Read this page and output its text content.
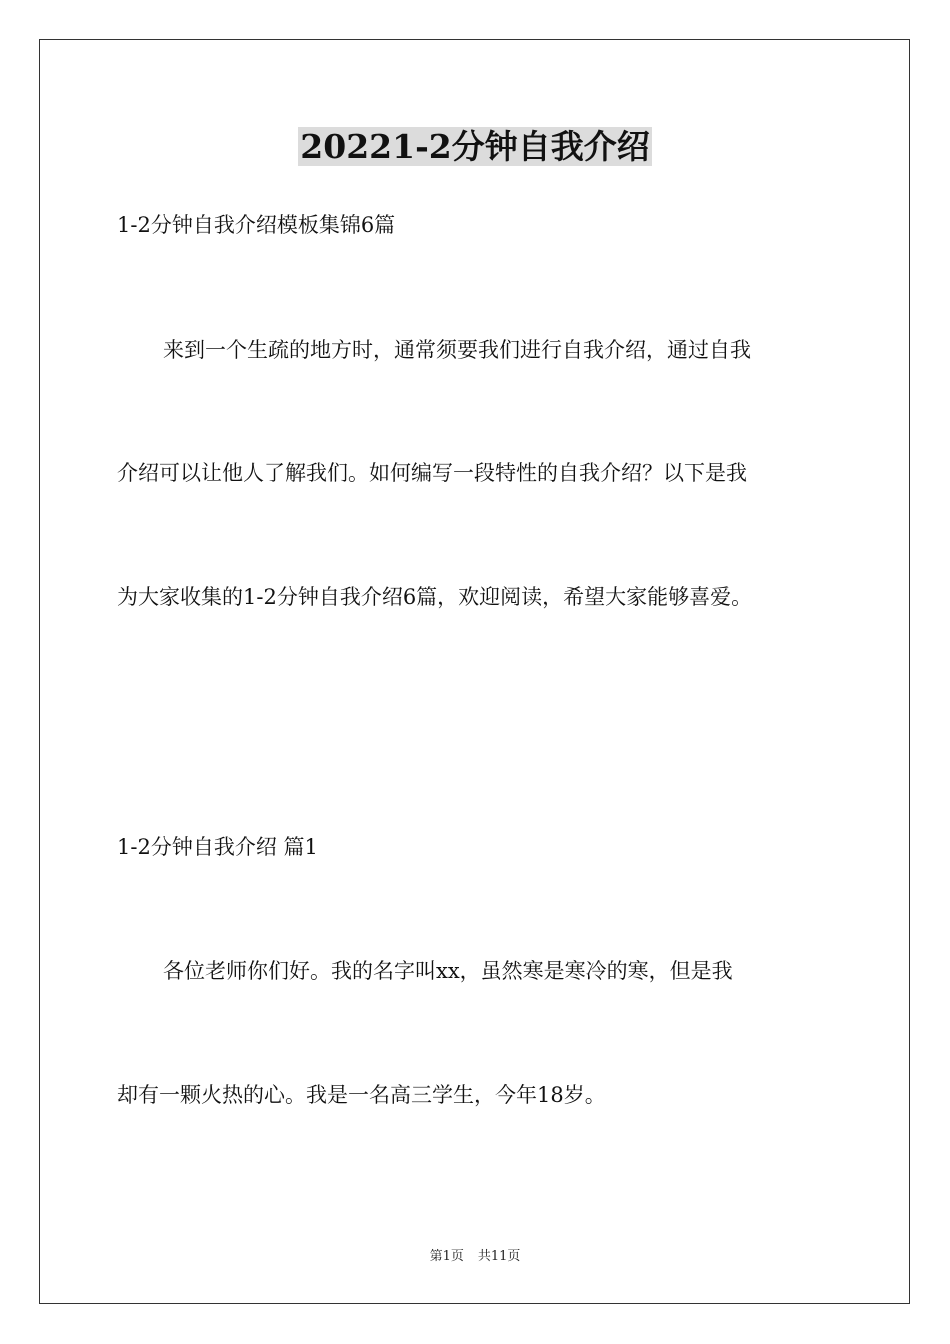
20221-2分钟自我介绍
1-2分钟自我介绍模板集锦6篇
来到一个生疏的地方时，通常须要我们进行自我介绍，通过自我
介绍可以让他人了解我们。如何编写一段特性的自我介绍？以下是我
为大家收集的1-2分钟自我介绍6篇，欢迎阅读，希望大家能够喜爱。
1-2分钟自我介绍 篇1
各位老师你们好。我的名字叫xx，虽然寒是寒冷的寒，但是我
却有一颗火热的心。我是一名高三学生，今年18岁。
第1页 共11页
